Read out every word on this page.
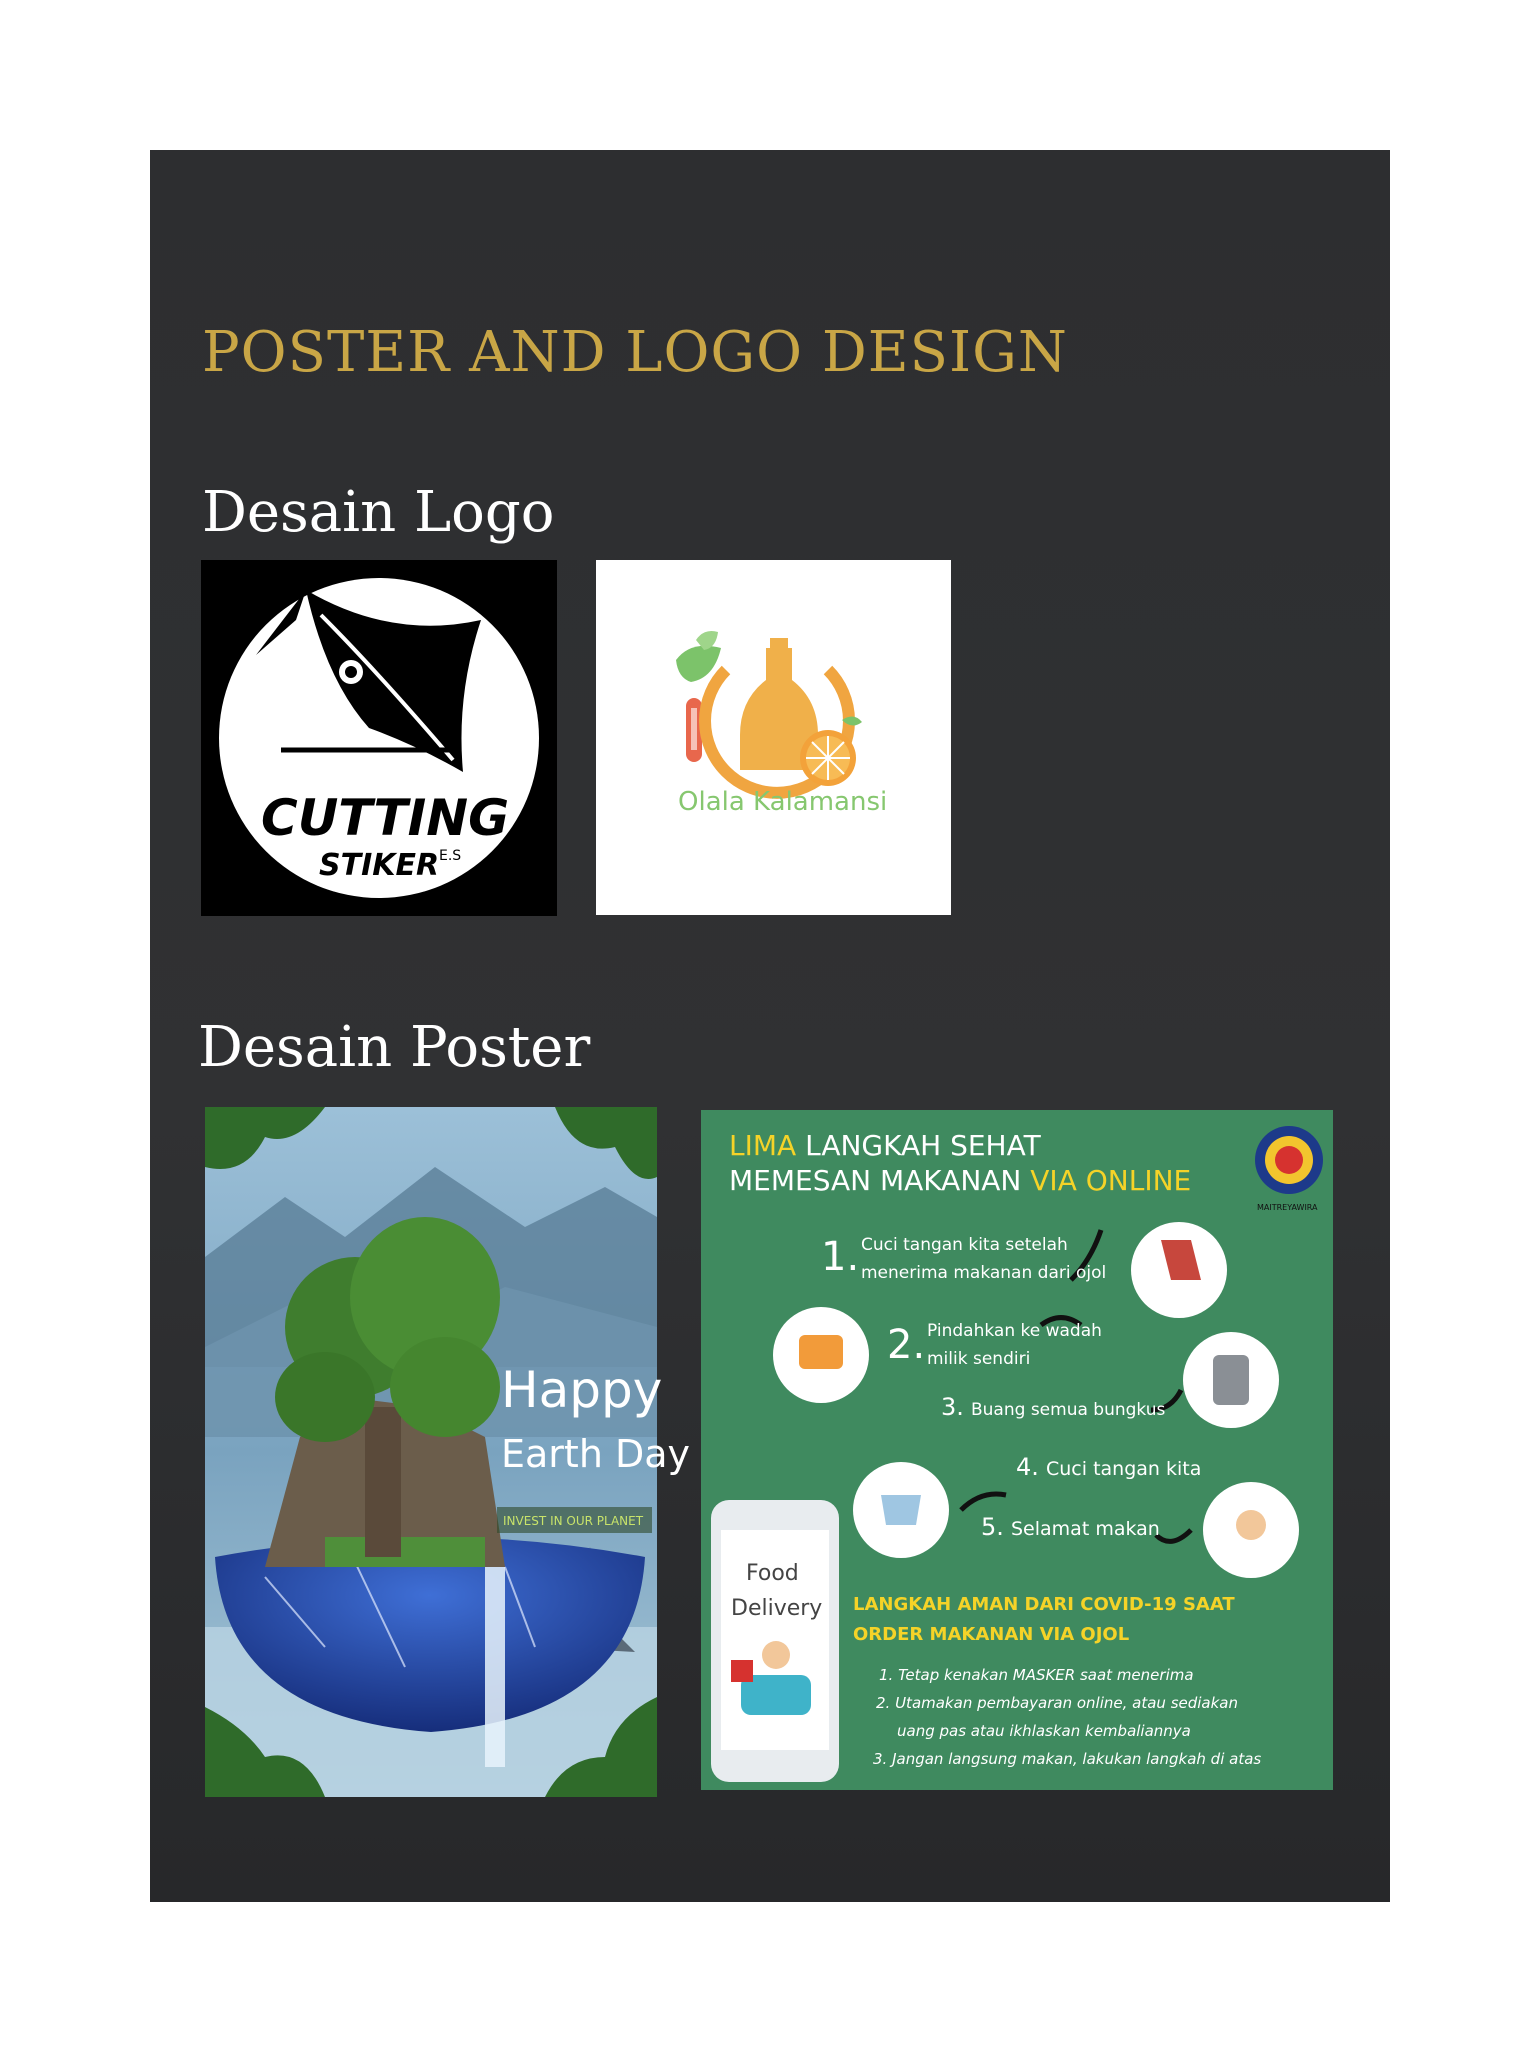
POSTER AND LOGO DESIGN
Desain Logo
CUTTING
STIKER E.S
Olala Kalamansi
Desain Poster
Happy
Earth Day
INVEST IN OUR PLANET
LIMA LANGKAH SEHAT
MEMESAN MAKANAN VIA ONLINE
MAITREYAWIRA
1. Cuci tangan kita setelah
menerima makanan dari ojol
2. Pindahkan ke wadah
milik sendiri
3. Buang semua bungkus
4. Cuci tangan kita
5. Selamat makan
Food
Delivery LANGKAH AMAN DARI COVID-19 SAAT
ORDER MAKANAN VIA OJOL
1. Tetap kenakan MASKER saat menerima
2. Utamakan pembayaran online, atau sediakan
uang pas atau ikhlaskan kembaliannya
3. Jangan langsung makan, lakukan langkah di atas
